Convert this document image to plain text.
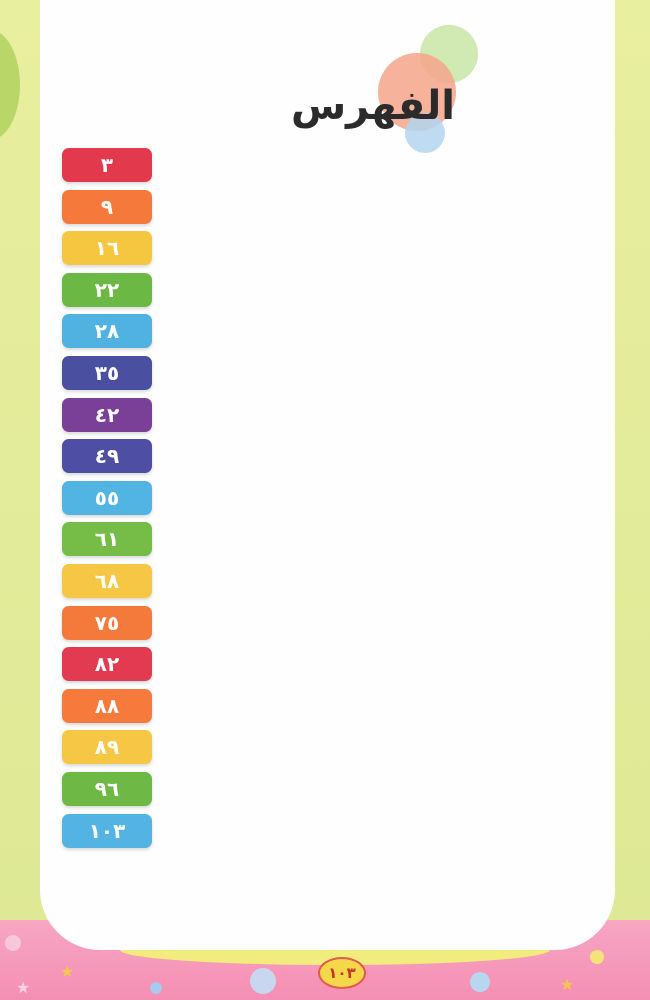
★
★
★
الفهرس
٣
٩
١٦
٢٢
٢٨
٣٥
٤٢
٤٩
٥٥
٦١
٦٨
٧٥
٨٢
٨٨
٨٩
٩٦
١٠٣
١٠٣
